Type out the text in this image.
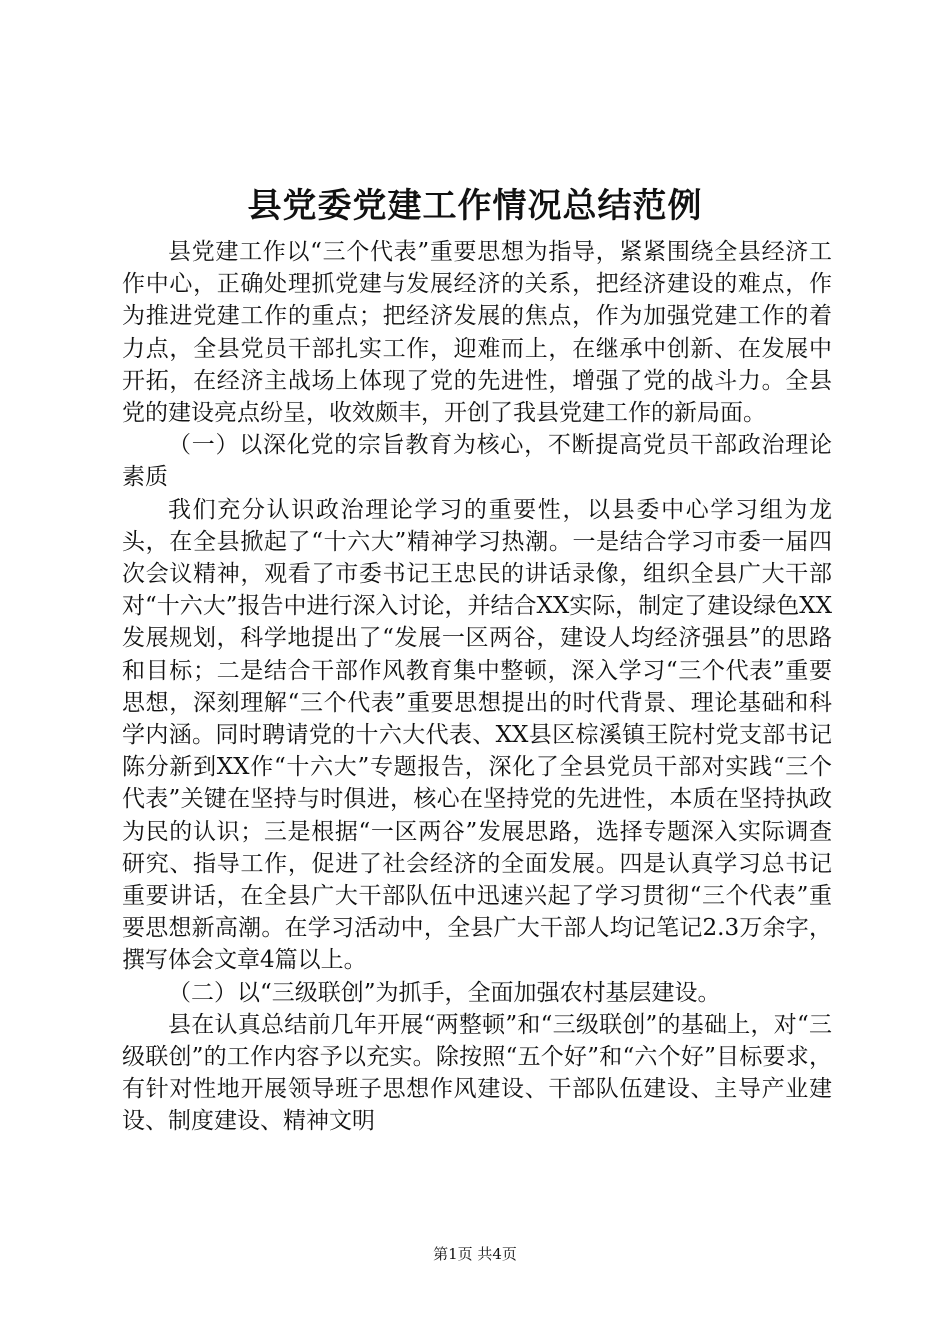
县党委党建工作情况总结范例

县党建工作以“三个代表”重要思想为指导，紧紧围绕全县经济工作中心，正确处理抓党建与发展经济的关系，把经济建设的难点，作为推进党建工作的重点；把经济发展的焦点，作为加强党建工作的着力点，全县党员干部扎实工作，迎难而上，在继承中创新、在发展中开拓，在经济主战场上体现了党的先进性，增强了党的战斗力。全县党的建设亮点纷呈，收效颇丰，开创了我县党建工作的新局面。

（一）以深化党的宗旨教育为核心，不断提高党员干部政治理论素质

我们充分认识政治理论学习的重要性，以县委中心学习组为龙头，在全县掀起了“十六大”精神学习热潮。一是结合学习市委一届四次会议精神，观看了市委书记王忠民的讲话录像，组织全县广大干部对“十六大”报告中进行深入讨论，并结合XX实际，制定了建设绿色XX发展规划，科学地提出了“发展一区两谷，建设人均经济强县”的思路和目标；二是结合干部作风教育集中整顿，深入学习“三个代表”重要思想，深刻理解“三个代表”重要思想提出的时代背景、理论基础和科学内涵。同时聘请党的十六大代表、XX县区棕溪镇王院村党支部书记陈分新到XX作“十六大”专题报告，深化了全县党员干部对实践“三个代表”关键在坚持与时俱进，核心在坚持党的先进性，本质在坚持执政为民的认识；三是根据“一区两谷”发展思路，选择专题深入实际调查研究、指导工作，促进了社会经济的全面发展。四是认真学习总书记重要讲话，在全县广大干部队伍中迅速兴起了学习贯彻“三个代表”重要思想新高潮。在学习活动中，全县广大干部人均记笔记2.3万余字，撰写体会文章4篇以上。

（二）以“三级联创”为抓手，全面加强农村基层建设。

县在认真总结前几年开展“两整顿”和“三级联创”的基础上，对“三级联创”的工作内容予以充实。除按照“五个好”和“六个好”目标要求，有针对性地开展领导班子思想作风建设、干部队伍建设、主导产业建设、制度建设、精神文明

第1页 共4页
